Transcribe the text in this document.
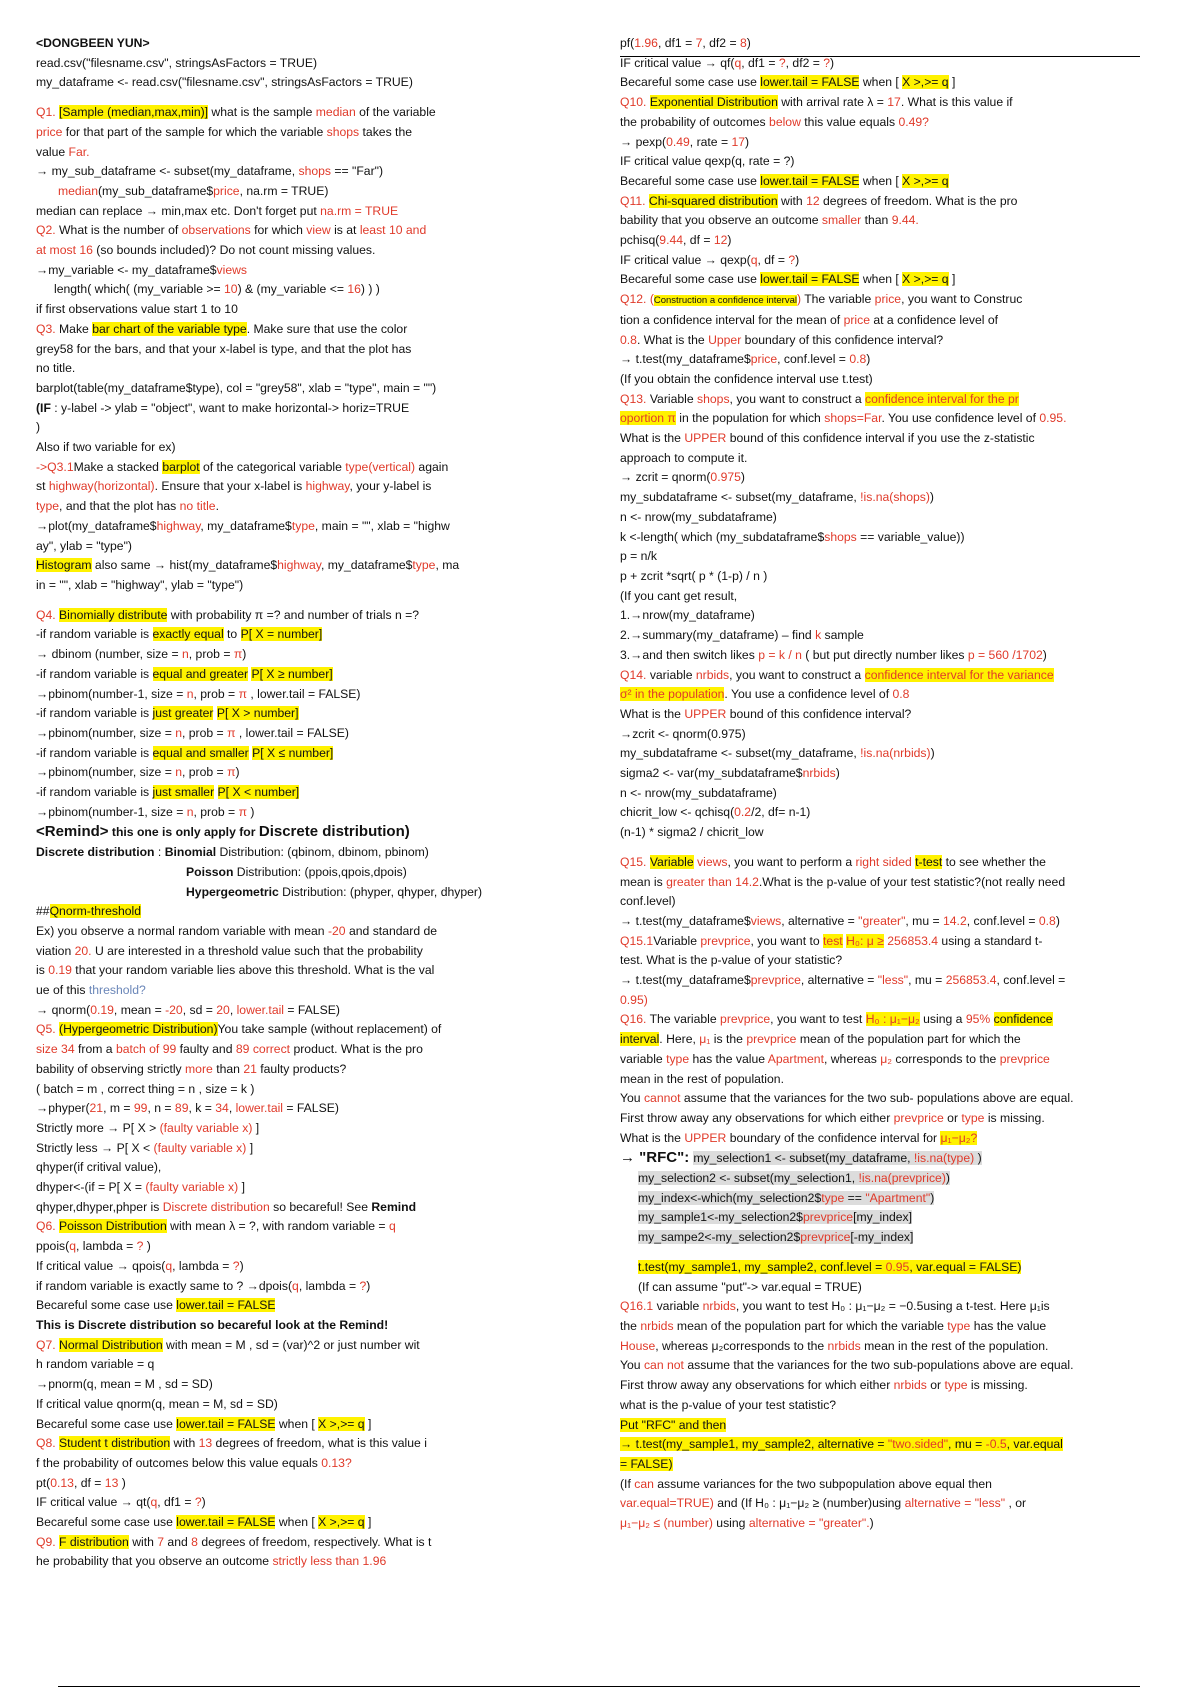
<DONGBEEN YUN>
read.csv("filesname.csv", stringsAsFactors = TRUE)
my_dataframe <- read.csv("filesname.csv", stringsAsFactors = TRUE)
Q1. [Sample (median,max,min)] what is the sample median of the variable
price for that part of the sample for which the variable shops takes the
value Far.
→ my_sub_dataframe <- subset(my_dataframe, shops == "Far")
median(my_sub_dataframe$price, na.rm = TRUE)
median can replace → min,max etc. Don't forget put na.rm = TRUE
Q2. What is the number of observations for which view is at least 10 and
at most 16 (so bounds included)? Do not count missing values.
→my_variable <- my_dataframe$views
length( which( (my_variable >= 10) & (my_variable <= 16) ) )
if first observations value start 1 to 10
Q3. Make bar chart of the variable type. Make sure that use the color
grey58 for the bars, and that your x-label is type, and that the plot has
no title.
barplot(table(my_dataframe$type), col = "grey58", xlab = "type", main = "")
(IF : y-label -> ylab = "object", want to make horizontal-> horiz=TRUE
)
Also if two variable for ex)
->Q3.1Make a stacked barplot of the categorical variable type(vertical) again
st highway(horizontal). Ensure that your x-label is highway, your y-label is
type, and that the plot has no title.
→plot(my_dataframe$highway, my_dataframe$type, main = "", xlab = "highw
ay", ylab = "type")
Histogram also same → hist(my_dataframe$highway, my_dataframe$type, ma
in = "", xlab = "highway", ylab = "type")
Q4. Binomially distribute with probability π =? and number of trials n =?
-if random variable is exactly equal to P[ X = number]
→ dbinom (number, size = n, prob = π)
-if random variable is equal and greater P[ X ≥ number]
→pbinom(number-1, size = n, prob = π , lower.tail = FALSE)
-if random variable is just greater P[ X > number]
→pbinom(number, size = n, prob = π , lower.tail = FALSE)
-if random variable is equal and smaller P[ X ≤ number]
→pbinom(number, size = n, prob = π)
-if random variable is just smaller P[ X < number]
→pbinom(number-1, size = n, prob = π )
<Remind> this one is only apply for Discrete distribution)
Discrete distribution : Binomial Distribution: (qbinom, dbinom, pbinom)
Poisson Distribution: (ppois,qpois,dpois)
Hypergeometric Distribution: (phyper, qhyper, dhyper)
##Qnorm-threshold
Ex) you observe a normal random variable with mean -20 and standard de
viation 20. U are interested in a threshold value such that the probability
is 0.19 that your random variable lies above this threshold. What is the val
ue of this threshold?
→ qnorm(0.19, mean = -20, sd = 20, lower.tail = FALSE)
Q5. (Hypergeometric Distribution)You take sample (without replacement) of
size 34 from a batch of 99 faulty and 89 correct product. What is the pro
bability of observing strictly more than 21 faulty products?
( batch = m , correct thing = n , size = k )
→phyper(21, m = 99, n = 89, k = 34, lower.tail = FALSE)
Strictly more → P[ X > (faulty variable x) ]
Strictly less → P[ X < (faulty variable x) ]
qhyper(if critival value),
dhyper<-(if = P[ X = (faulty variable x) ]
qhyper,dhyper,phper is Discrete distribution so becareful! See Remind
Q6. Poisson Distribution with mean λ = ?, with random variable = q
ppois(q, lambda = ? )
If critical value → qpois(q, lambda = ?)
if random variable is exactly same to ? →dpois(q, lambda = ?)
Becareful some case use lower.tail = FALSE
This is Discrete distribution so becareful look at the Remind!
Q7. Normal Distribution with mean = M , sd = (var)^2 or just number wit
h random variable = q
→pnorm(q, mean = M , sd = SD)
If critical value qnorm(q, mean = M, sd = SD)
Becareful some case use lower.tail = FALSE when [ X >,>= q ]
Q8. Student t distribution with 13 degrees of freedom, what is this value i
f the probability of outcomes below this value equals 0.13?
pt(0.13, df = 13 )
IF critical value → qt(q, df1 = ?)
Becareful some case use lower.tail = FALSE when [ X >,>= q ]
Q9. F distribution with 7 and 8 degrees of freedom, respectively. What is t
he probability that you observe an outcome strictly less than 1.96
pf(1.96, df1 = 7, df2 = 8)
IF critical value → qf(q, df1 = ?, df2 = ?)
Becareful some case use lower.tail = FALSE when [ X >,>= q ]
Q10. Exponential Distribution with arrival rate λ = 17. What is this value if
the probability of outcomes below this value equals 0.49?
→ pexp(0.49, rate = 17)
IF critical value qexp(q, rate = ?)
Becareful some case use lower.tail = FALSE when [ X >,>= q
Q11. Chi-squared distribution with 12 degrees of freedom. What is the pro
bability that you observe an outcome smaller than 9.44.
pchisq(9.44, df = 12)
IF critical value → qexp(q, df = ?)
Becareful some case use lower.tail = FALSE when [ X >,>= q ]
Q12. (Construction a confidence interval) The variable price, you want to Construc
tion a confidence interval for the mean of price at a confidence level of
0.8. What is the Upper boundary of this confidence interval?
→ t.test(my_dataframe$price, conf.level = 0.8)
(If you obtain the confidence interval use t.test)
Q13. Variable shops, you want to construct a confidence interval for the pr
oportion π in the population for which shops=Far. You use confidence level of 0.95.
What is the UPPER bound of this confidence interval if you use the z-statistic
approach to compute it.
→ zcrit = qnorm(0.975)
my_subdataframe <- subset(my_dataframe, !is.na(shops))
n <- nrow(my_subdataframe)
k <-length( which (my_subdataframe$shops == variable_value))
p = n/k
p + zcrit *sqrt( p * (1-p) / n )
(If you cant get result,
1.→nrow(my_dataframe)
2.→summary(my_dataframe) – find k sample
3.→and then switch likes p = k / n ( but put directly number likes p = 560 /1702)
Q14. variable nrbids, you want to construct a confidence interval for the variance
σ² in the population. You use a confidence level of 0.8
What is the UPPER bound of this confidence interval?
→zcrit <- qnorm(0.975)
my_subdataframe <- subset(my_dataframe, !is.na(nrbids))
sigma2 <- var(my_subdataframe$nrbids)
n <- nrow(my_subdataframe)
chicrit_low <- qchisq(0.2/2, df= n-1)
(n-1) * sigma2 / chicrit_low
Q15. Variable views, you want to perform a right sided t-test to see whether the
mean is greater than 14.2.What is the p-value of your test statistic?(not really need
conf.level)
→ t.test(my_dataframe$views, alternative = "greater", mu = 14.2, conf.level = 0.8)
Q15.1Variable prevprice, you want to test H₀: μ ≥ 256853.4 using a standard t-
test. What is the p-value of your statistic?
→ t.test(my_dataframe$prevprice, alternative = "less", mu = 256853.4, conf.level =
0.95)
Q16. The variable prevprice, you want to test H₀ : μ₁−μ₂ using a 95% confidence
interval. Here, μ₁ is the prevprice mean of the population part for which the
variable type has the value Apartment, whereas μ₂ corresponds to the prevprice
mean in the rest of population.
You cannot assume that the variances for the two sub- populations above are equal.
First throw away any observations for which either prevprice or type is missing.
What is the UPPER boundary of the confidence interval for μ₁−μ₂?
→ "RFC": my_selection1 <- subset(my_dataframe, !is.na(type) )
my_selection2 <- subset(my_selection1, !is.na(prevprice))
my_index<-which(my_selection2$type == "Apartment")
my_sample1<-my_selection2$prevprice[my_index]
my_sampe2<-my_selection2$prevprice[-my_index]
t.test(my_sample1, my_sample2, conf.level = 0.95, var.equal = FALSE)
(If can assume "put"-> var.equal = TRUE)
Q16.1 variable nrbids, you want to test H₀ : μ₁−μ₂ = −0.5using a t-test. Here μ₁is
the nrbids mean of the population part for which the variable type has the value
House, whereas μ₂corresponds to the nrbids mean in the rest of the population.
You can not assume that the variances for the two sub-populations above are equal.
First throw away any observations for which either nrbids or type is missing.
what is the p-value of your test statistic?
Put "RFC" and then
→ t.test(my_sample1, my_sample2, alternative = "two.sided", mu = -0.5, var.equal
= FALSE)
(If can assume variances for the two subpopulation above equal then
var.equal=TRUE) and (If H₀ : μ₁−μ₂ ≥ (number)using alternative = "less" , or
μ₁−μ₂ ≤ (number) using alternative = "greater".)
